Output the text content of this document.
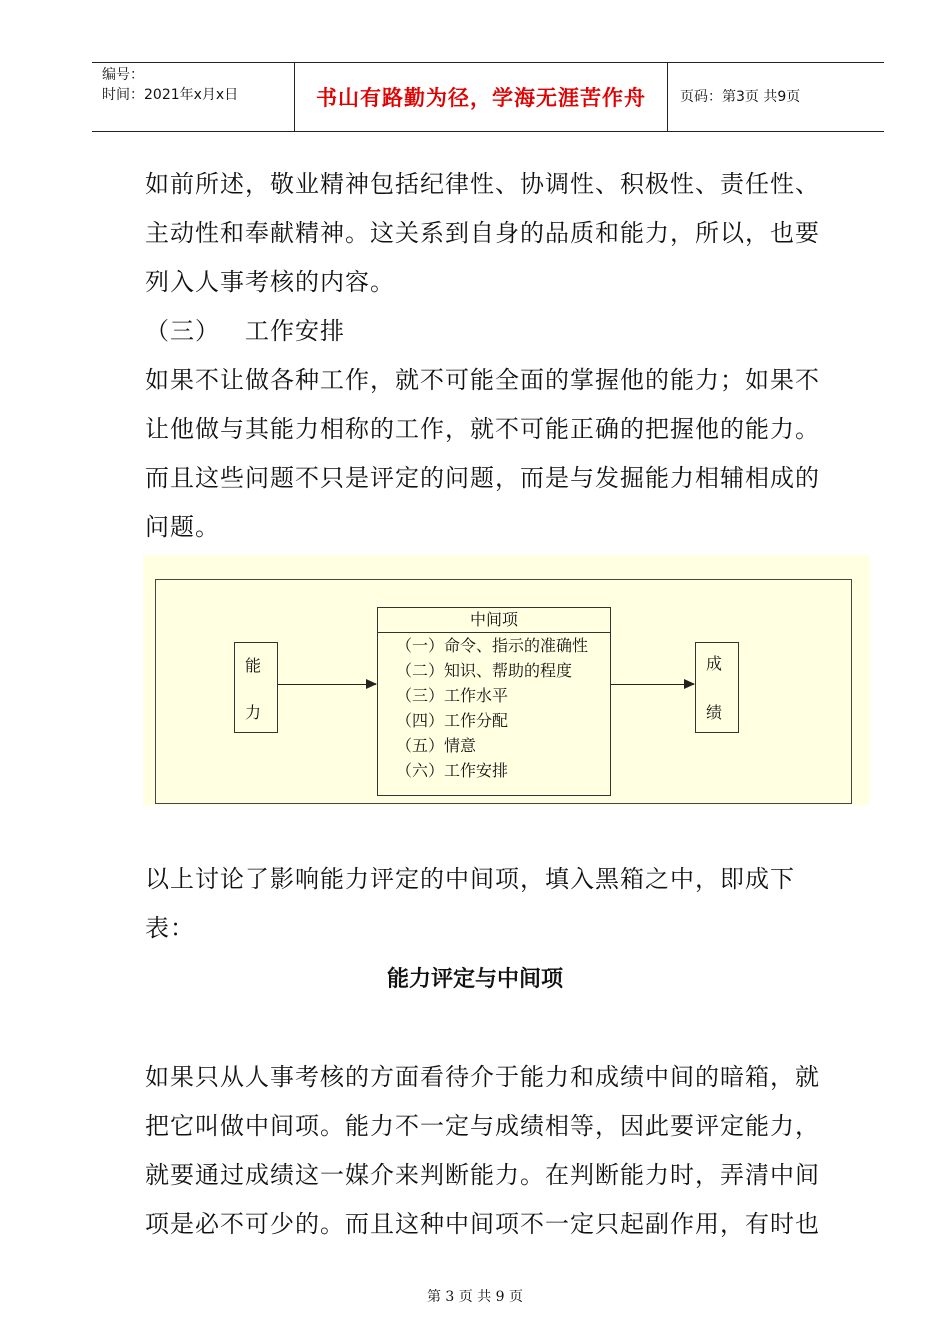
编号：
时间：2021年x月x日	书山有路勤为径，学海无涯苦作舟 页码：第3页 共9页
如前所述，敬业精神包括纪律性、协调性、积极性、责任性、
主动性和奉献精神。这关系到自身的品质和能力，所以，也要
列入人事考核的内容。
（三） 工作安排
如果不让做各种工作，就不可能全面的掌握他的能力；如果不
让他做与其能力相称的工作，就不可能正确的把握他的能力。
而且这些问题不只是评定的问题，而是与发掘能力相辅相成的
问题。
能
力
中间项
（一）命令、指示的准确性
（二）知识、帮助的程度
（三）工作水平
（四）工作分配
（五）情意
（六）工作安排
成
绩
以上讨论了影响能力评定的中间项，填入黑箱之中，即成下
表：
能力评定与中间项
如果只从人事考核的方面看待介于能力和成绩中间的暗箱，就
把它叫做中间项。能力不一定与成绩相等，因此要评定能力，
就要通过成绩这一媒介来判断能力。在判断能力时，弄清中间
项是必不可少的。而且这种中间项不一定只起副作用，有时也
第 3 页 共 9 页
